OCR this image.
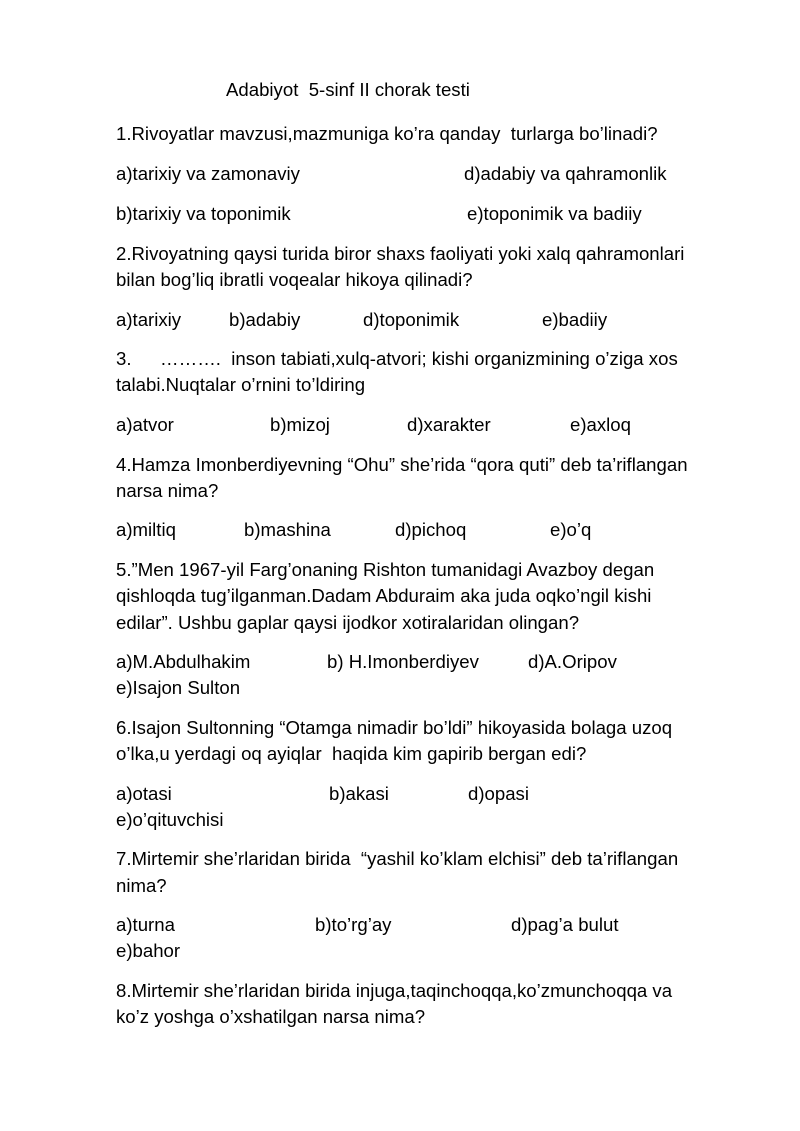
Adabiyot  5-sinf II chorak testi
1.Rivoyatlar mavzusi,mazmuniga ko’ra qanday  turlarga bo’linadi?
a)tarixiy va zamonaviy	d)adabiy va qahramonlik
b)tarixiy va toponimik	e)toponimik va badiiy
2.Rivoyatning qaysi turida biror shaxs faoliyati yoki xalq qahramonlari
bilan bog’liq ibratli voqealar hikoya qilinadi?
a)tarixiy	b)adabiy	d)toponimik	e)badiiy
3. ……….  inson tabiati,xulq-atvori; kishi organizmining o’ziga xos
talabi.Nuqtalar o’rnini to’ldiring
a)atvor	b)mizoj	d)xarakter	e)axloq
4.Hamza Imonberdiyevning “Ohu” she’rida “qora quti” deb ta’riflangan
narsa nima?
a)miltiq	b)mashina	d)pichoq	e)o’q
5.”Men 1967-yil Farg’onaning Rishton tumanidagi Avazboy degan
qishloqda tug’ilganman.Dadam Abduraim aka juda oqko’ngil kishi
edilar”. Ushbu gaplar qaysi ijodkor xotiralaridan olingan?
a)M.Abdulhakim	b) H.Imonberdiyev	d)A.Oripov
e)Isajon Sulton
6.Isajon Sultonning “Otamga nimadir bo’ldi” hikoyasida bolaga uzoq
o’lka,u yerdagi oq ayiqlar  haqida kim gapirib bergan edi?
a)otasi	b)akasi	d)opasi
e)o’qituvchisi
7.Mirtemir she’rlaridan birida  “yashil ko’klam elchisi” deb ta’riflangan
nima?
a)turna	b)to’rg’ay	d)pag’a bulut
e)bahor
8.Mirtemir she’rlaridan birida injuga,taqinchoqqa,ko’zmunchoqqa va
ko’z yoshga o’xshatilgan narsa nima?
